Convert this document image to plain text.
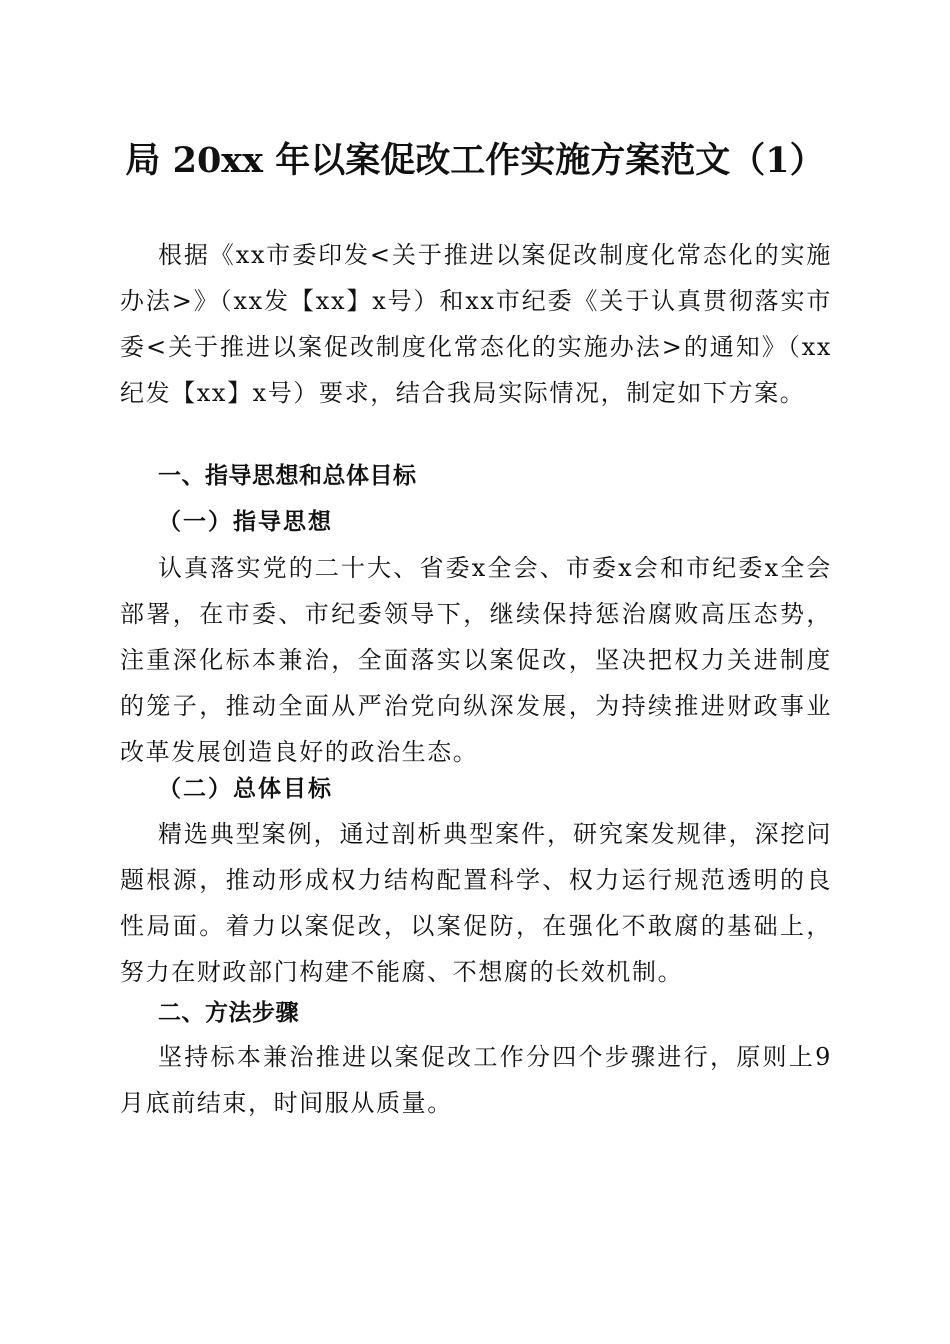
局 20xx 年以案促改工作实施方案范文（1）

根据《xx市委印发<关于推进以案促改制度化常态化的实施办法>》（xx发【xx】x号）和xx市纪委《关于认真贯彻落实市委<关于推进以案促改制度化常态化的实施办法>的通知》（xx纪发【xx】x号）要求，结合我局实际情况，制定如下方案。

一、指导思想和总体目标
（一）指导思想

认真落实党的二十大、省委x全会、市委x会和市纪委x全会部署，在市委、市纪委领导下，继续保持惩治腐败高压态势，注重深化标本兼治，全面落实以案促改，坚决把权力关进制度的笼子，推动全面从严治党向纵深发展，为持续推进财政事业改革发展创造良好的政治生态。

（二）总体目标

精选典型案例，通过剖析典型案件，研究案发规律，深挖问题根源，推动形成权力结构配置科学、权力运行规范透明的良性局面。着力以案促改，以案促防，在强化不敢腐的基础上，努力在财政部门构建不能腐、不想腐的长效机制。

二、方法步骤

坚持标本兼治推进以案促改工作分四个步骤进行，原则上9月底前结束，时间服从质量。
